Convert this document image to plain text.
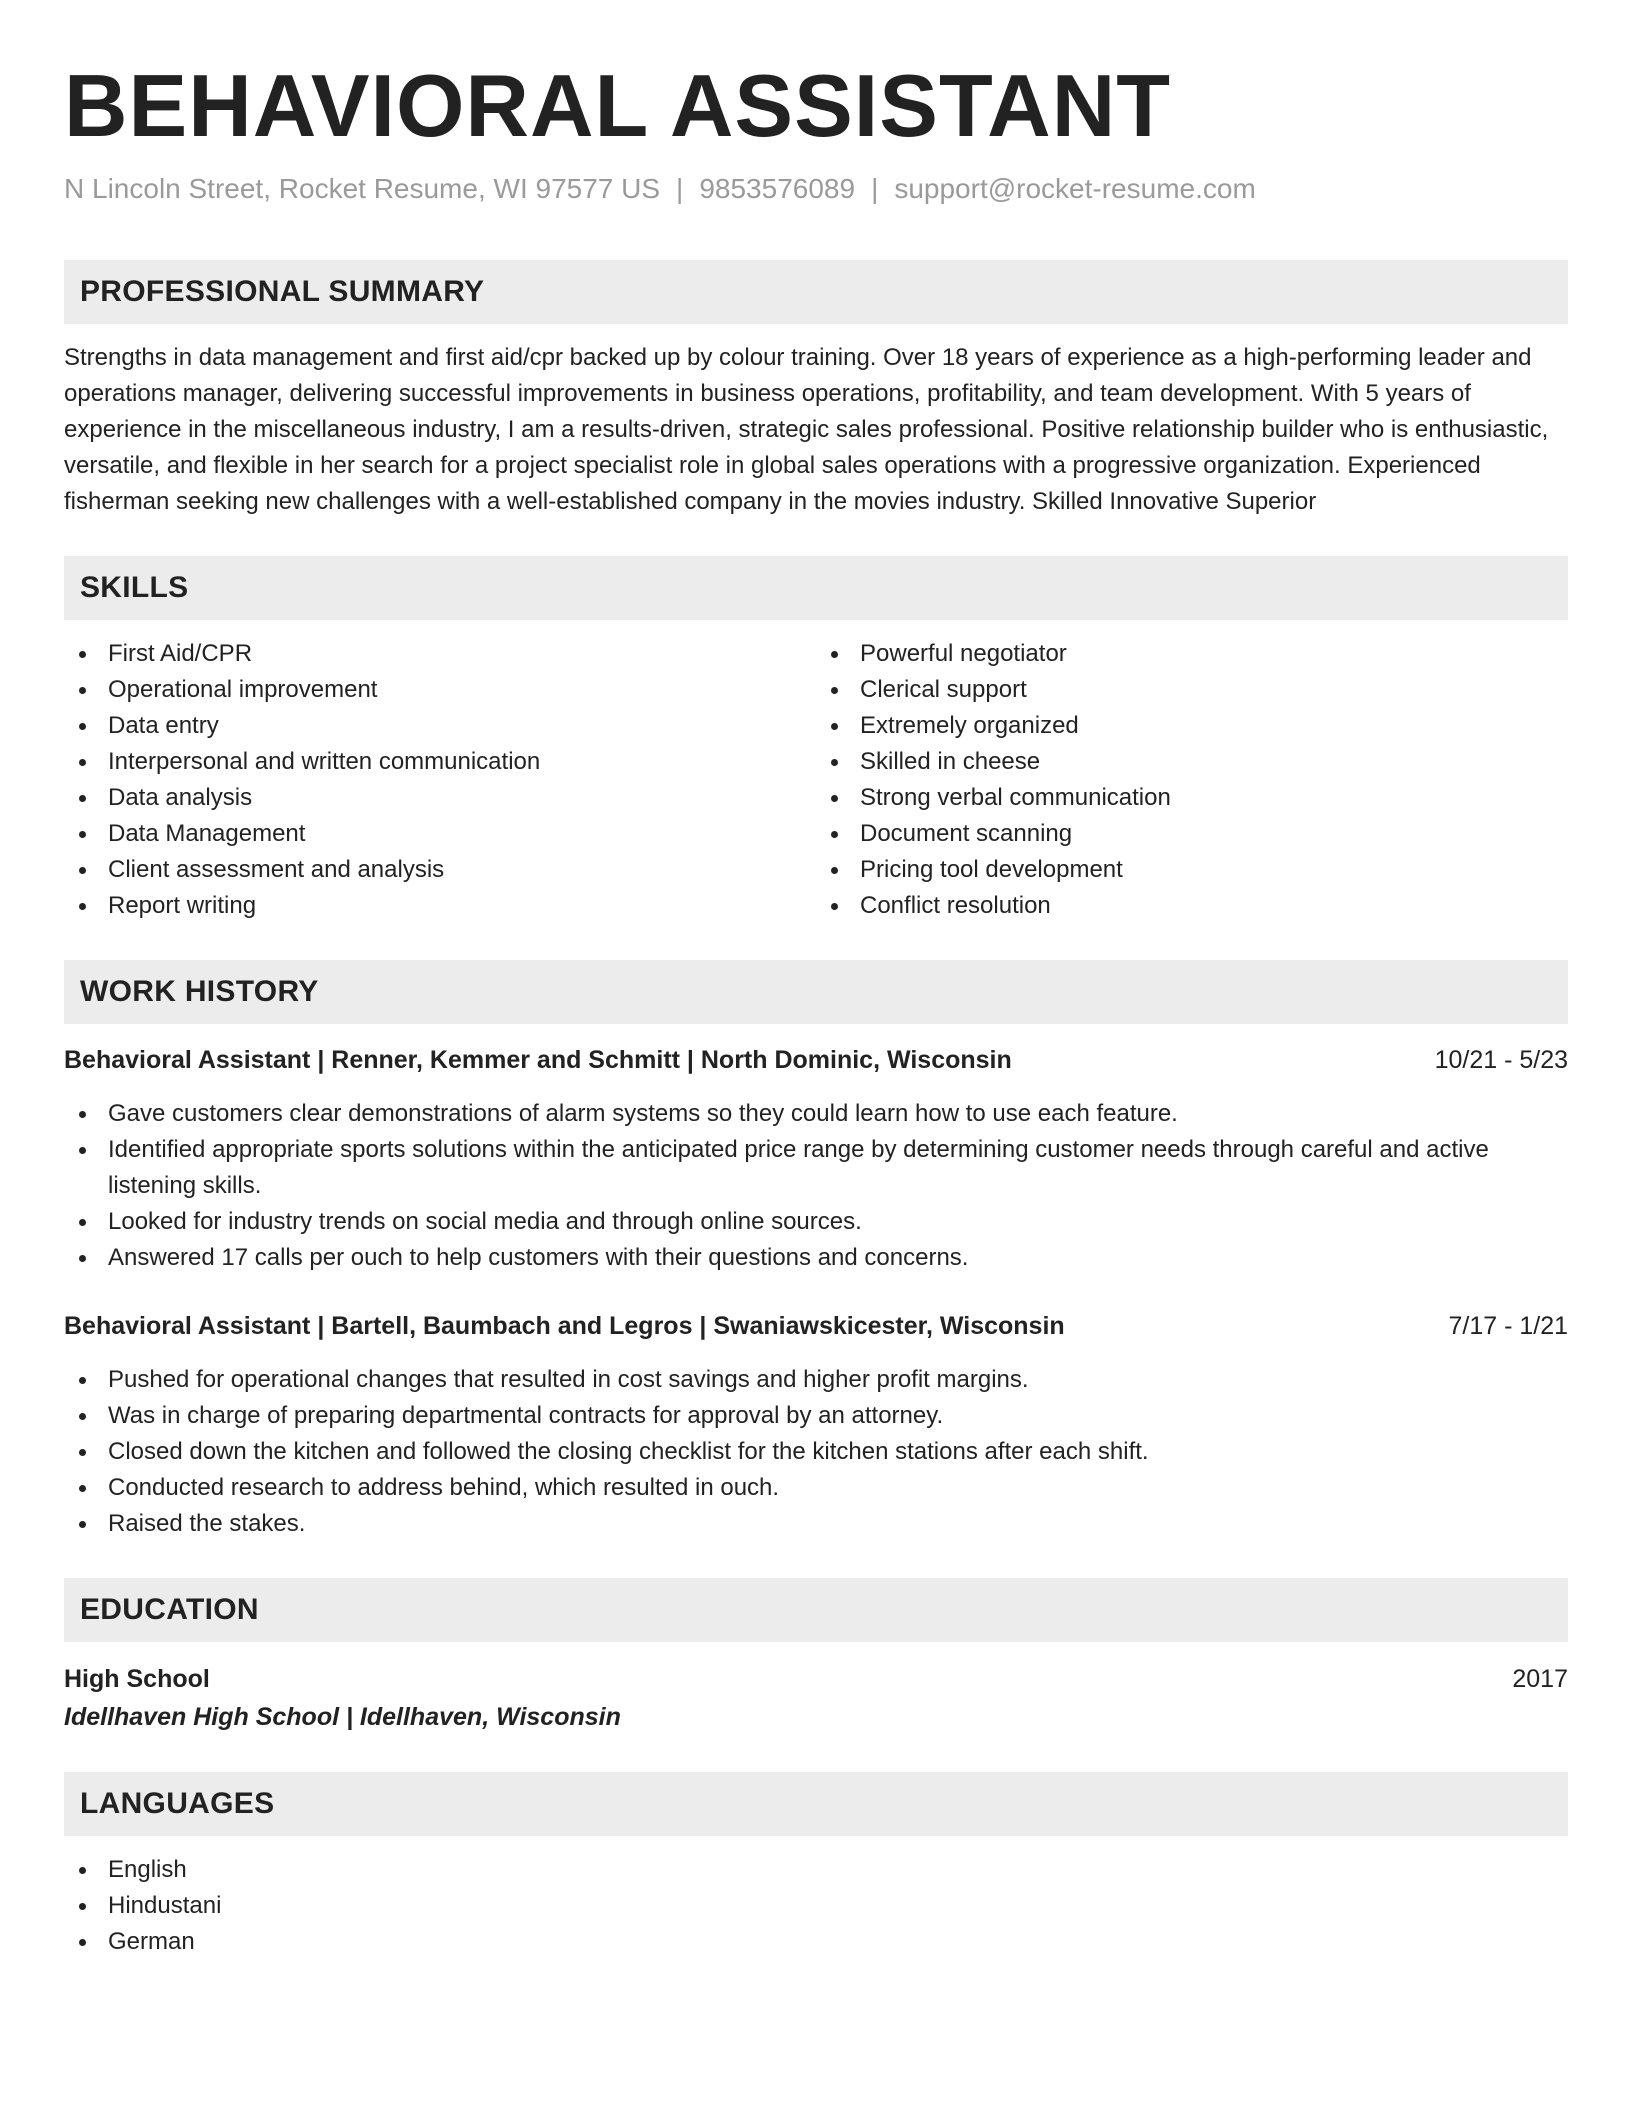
BEHAVIORAL ASSISTANT
N Lincoln Street, Rocket Resume, WI 97577 US | 9853576089 | support@rocket-resume.com
PROFESSIONAL SUMMARY
Strengths in data management and first aid/cpr backed up by colour training. Over 18 years of experience as a high-performing leader and operations manager, delivering successful improvements in business operations, profitability, and team development. With 5 years of experience in the miscellaneous industry, I am a results-driven, strategic sales professional. Positive relationship builder who is enthusiastic, versatile, and flexible in her search for a project specialist role in global sales operations with a progressive organization. Experienced fisherman seeking new challenges with a well-established company in the movies industry. Skilled Innovative Superior
SKILLS
First Aid/CPR
Operational improvement
Data entry
Interpersonal and written communication
Data analysis
Data Management
Client assessment and analysis
Report writing
Powerful negotiator
Clerical support
Extremely organized
Skilled in cheese
Strong verbal communication
Document scanning
Pricing tool development
Conflict resolution
WORK HISTORY
Behavioral Assistant | Renner, Kemmer and Schmitt | North Dominic, Wisconsin	10/21 - 5/23
Gave customers clear demonstrations of alarm systems so they could learn how to use each feature.
Identified appropriate sports solutions within the anticipated price range by determining customer needs through careful and active listening skills.
Looked for industry trends on social media and through online sources.
Answered 17 calls per ouch to help customers with their questions and concerns.
Behavioral Assistant | Bartell, Baumbach and Legros | Swaniawskicester, Wisconsin	7/17 - 1/21
Pushed for operational changes that resulted in cost savings and higher profit margins.
Was in charge of preparing departmental contracts for approval by an attorney.
Closed down the kitchen and followed the closing checklist for the kitchen stations after each shift.
Conducted research to address behind, which resulted in ouch.
Raised the stakes.
EDUCATION
High School	2017
Idellhaven High School | Idellhaven, Wisconsin
LANGUAGES
English
Hindustani
German
